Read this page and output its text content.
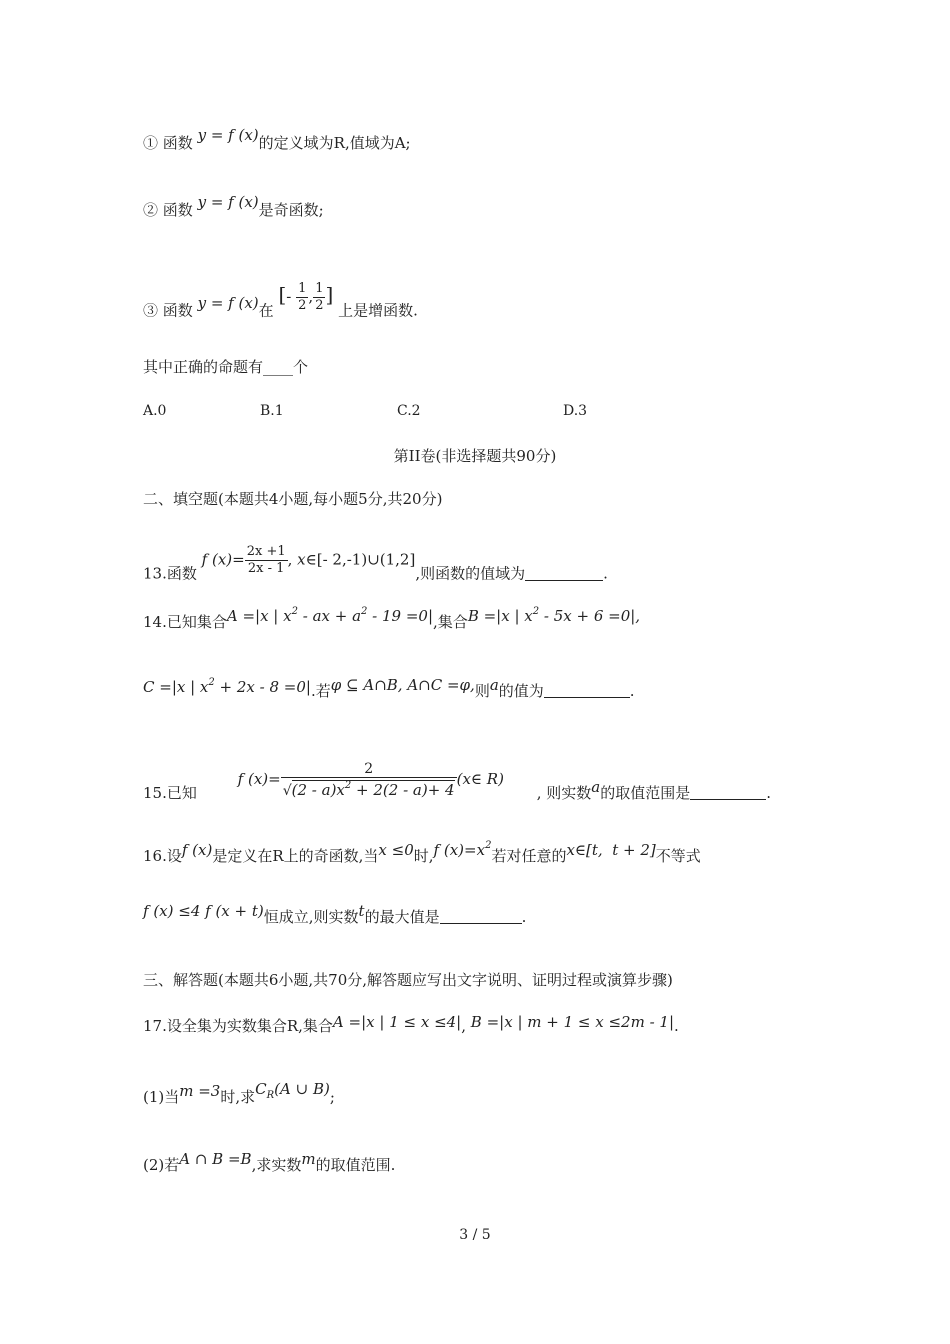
① 函数 y = f (x)的定义域为R,值域为A;
② 函数 y = f (x)是奇函数;
③ 函数 y = f (x)在 [- $\frac{1}{2}$ , $\frac{1}{2}$ ] 上是增函数.
其中正确的命题有____个
A.0	B.1	C.2	D.3
第II卷(非选择题共90分)
二、填空题(本题共4小题,每小题5分,共20分)
13.函数 f $(x)= \frac{2x +1}{2x - 1}$ , x∈[- 2,-1)∪(1,2],则函数的值域为	.
14.已知集合A =|x | $x^2$ - ax + $a^2 - 19 =0|$,集合B =|x | $x^2 - 5x + 6 =0|$,
C =|x | $x^2 + 2x - 8 =0|$.若φ ⊆ A∩B, A∩C =φ,则a的值为	.
15.已知 f $(x)= \frac{2}{√(2 - a)x^2 + 2(2 - a)+ 4}$ (x∈ R) , 则实数a的取值范围是	.
16.设f (x)是定义在R上的奇函数,当x ≤0时,f $(x)=x^2$若对任意的x∈[t,  t + 2]不等式
f (x) ≤4 f (x + t)恒成立,则实数t的最大值是	.
三、解答题(本题共6小题,共70分,解答题应写出文字说明、证明过程或演算步骤)
17.设全集为实数集合R,集合A =|x | 1 ≤ x ≤4|, B =|x | m + 1 ≤ x ≤2m - 1|.
(1)当m =3时,求$C_R(A$ ∪ B);
(2)若A ∩ B =B,求实数m的取值范围.
3 / 5
